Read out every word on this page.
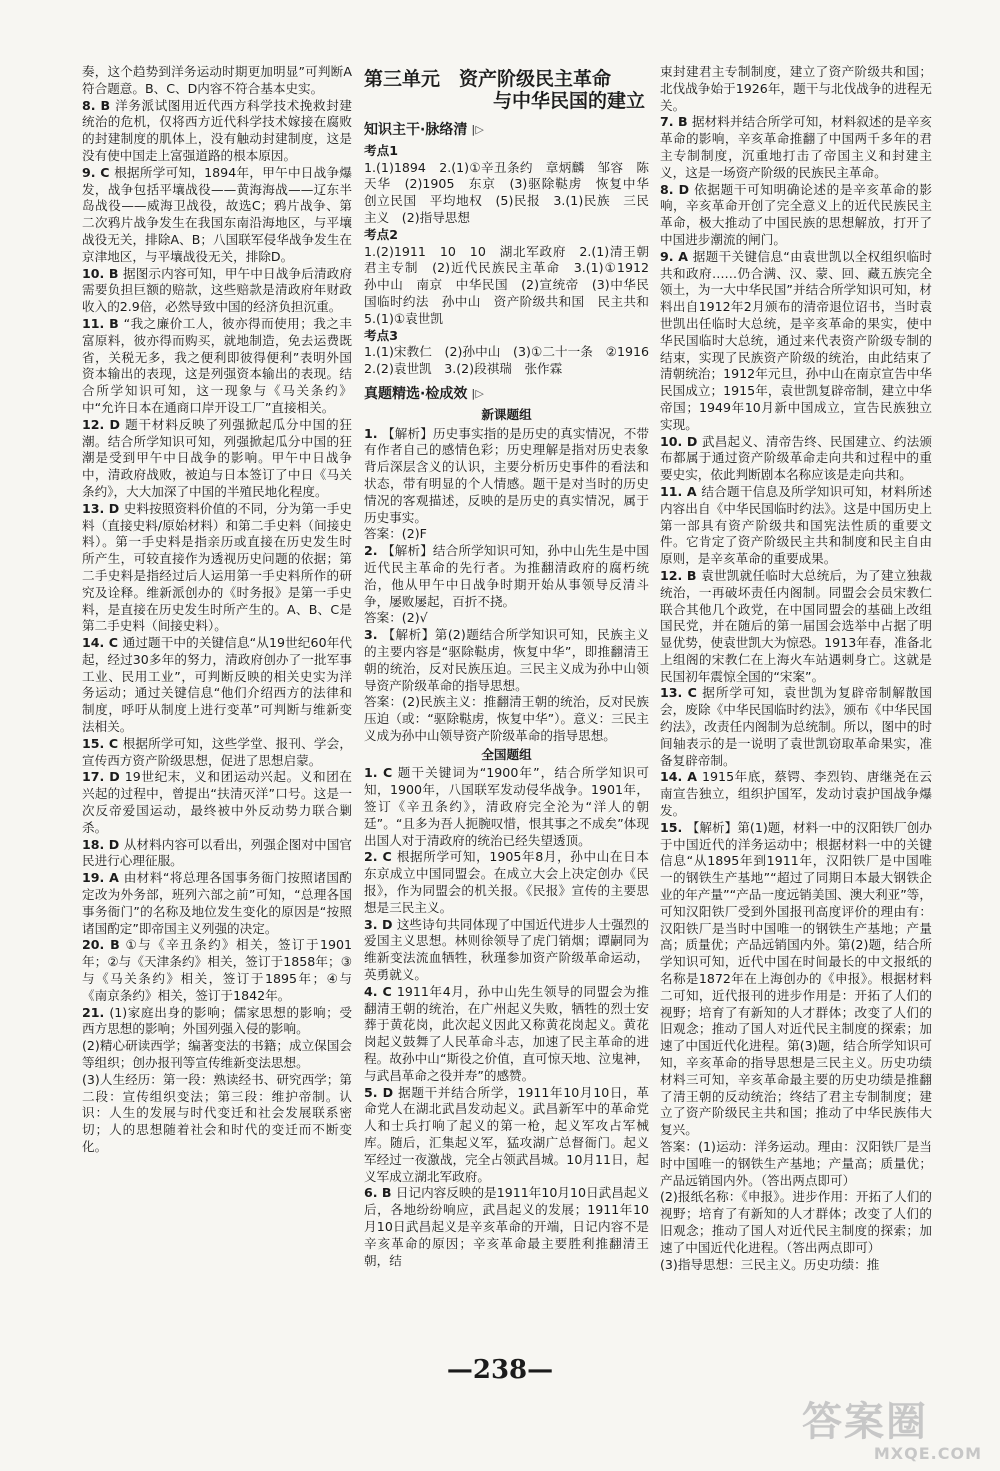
奏，这个趋势到洋务运动时期更加明显”可判断A符合题意。B、C、D内容不符合基本史实。

8. B 洋务派试图用近代西方科学技术挽救封建统治的危机，仅将西方近代科学技术嫁接在腐败的封建制度的肌体上，没有触动封建制度，这是没有使中国走上富强道路的根本原因。

9. C 根据所学可知，1894年，甲午中日战争爆发，战争包括平壤战役——黄海海战——辽东半岛战役——威海卫战役，故选C；鸦片战争、第二次鸦片战争发生在我国东南沿海地区，与平壤战役无关，排除A、B；八国联军侵华战争发生在京津地区，与平壤战役无关，排除D。

10. B 据图示内容可知，甲午中日战争后清政府需要负担巨额的赔款，这些赔款是清政府年财政收入的2.9倍，必然导致中国的经济负担沉重。

11. B “我之廉价工人，彼亦得而使用；我之丰富原料，彼亦得而购买，就地制造，免去运费既省，关税无多，我之便利即彼得便利”表明外国资本输出的表现，这是列强资本输出的表现。结合所学知识可知，这一现象与《马关条约》中“允许日本在通商口岸开设工厂”直接相关。

12. D 题干材料反映了列强掀起瓜分中国的狂潮。结合所学知识可知，列强掀起瓜分中国的狂潮是受到甲午中日战争的影响。甲午中日战争中，清政府战败，被迫与日本签订了中日《马关条约》，大大加深了中国的半殖民地化程度。

13. D 史料按照资料价值的不同，分为第一手史料（直接史料/原始材料）和第二手史料（间接史料）。第一手史料是指亲历或直接在历史发生时所产生，可较直接作为透视历史问题的依据；第二手史料是指经过后人运用第一手史料所作的研究及诠释。维新派创办的《时务报》是第一手史料，是直接在历史发生时所产生的。A、B、C是第二手史料（间接史料）。

14. C 通过题干中的关键信息“从19世纪60年代起，经过30多年的努力，清政府创办了一批军事工业、民用工业”，可判断反映的相关史实为洋务运动；通过关键信息“他们介绍西方的法律和制度，呼吁从制度上进行变革”可判断与维新变法相关。

15. C 根据所学可知，这些学堂、报刊、学会，宣传西方资产阶级思想，促进了思想启蒙。

17. D 19世纪末，义和团运动兴起。义和团在兴起的过程中，曾提出“扶清灭洋”口号。这是一次反帝爱国运动，最终被中外反动势力联合剿杀。

18. D 从材料内容可以看出，列强企图对中国官民进行心理征服。

19. A 由材料“将总理各国事务衙门按照诸国酌定改为外务部，班列六部之前”可知，“总理各国事务衙门”的名称及地位发生变化的原因是“按照诸国酌定”即帝国主义列强的决定。

20. B ①与《辛丑条约》相关，签订于1901年；②与《天津条约》相关，签订于1858年；③与《马关条约》相关，签订于1895年；④与《南京条约》相关，签订于1842年。

21. (1)家庭出身的影响；儒家思想的影响；受西方思想的影响；外国列强入侵的影响。

(2)精心研读西学；编著变法的书籍；成立保国会等组织；创办报刊等宣传维新变法思想。

(3)人生经历：第一段：熟读经书、研究西学；第二段：宣传组织变法；第三段：维护帝制。认识：人生的发展与时代变迁和社会发展联系密切；人的思想随着社会和时代的变迁而不断变化。

第三单元　资产阶级民主革命
与中华民国的建立
知识主干·脉络清 |▷

考点1

1.(1)1894　2.(1)①辛丑条约　章炳麟　邹容　陈天华　(2)1905　东京　(3)驱除鞑虏　恢复中华　创立民国　平均地权　(5)民报　3.(1)民族　三民主义　(2)指导思想

考点2

1.(2)1911　10　10　湖北军政府　2.(1)清王朝　君主专制　(2)近代民族民主革命　3.(1)①1912　孙中山　南京　中华民国　(2)宣统帝　(3)中华民国临时约法　孙中山　资产阶级共和国　民主共和　5.(1)①袁世凯

考点3

1.(1)宋教仁　(2)孙中山　(3)①二十一条　②1916　2.(2)袁世凯　3.(2)段祺瑞　张作霖

真题精选·检成效 |▷
新课题组

1. 【解析】历史事实指的是历史的真实情况，不带有作者自己的感情色彩；历史理解是指对历史表象背后深层含义的认识，主要分析历史事件的看法和状态，带有明显的个人情感。题干是对当时的历史情况的客观描述，反映的是历史的真实情况，属于历史事实。

答案：(2)F

2. 【解析】结合所学知识可知，孙中山先生是中国近代民主革命的先行者。为推翻清政府的腐朽统治，他从甲午中日战争时期开始从事领导反清斗争，屡败屡起，百折不挠。

答案：(2)√

3. 【解析】第(2)题结合所学知识可知，民族主义的主要内容是“驱除鞑虏，恢复中华”，即推翻清王朝的统治，反对民族压迫。三民主义成为孙中山领导资产阶级革命的指导思想。

答案：(2)民族主义：推翻清王朝的统治，反对民族压迫（或：“驱除鞑虏，恢复中华”）。意义：三民主义成为孙中山领导资产阶级革命的指导思想。

全国题组

1. C 题干关键词为“1900年”，结合所学知识可知，1900年，八国联军发动侵华战争。1901年，签订《辛丑条约》，清政府完全沦为“洋人的朝廷”。“且多为吾人扼腕叹惜，恨其事之不成矣”体现出国人对于清政府的统治已经失望透顶。

2. C 根据所学可知，1905年8月，孙中山在日本东京成立中国同盟会。在成立大会上决定创办《民报》，作为同盟会的机关报。《民报》宣传的主要思想是三民主义。

3. D 这些诗句共同体现了中国近代进步人士强烈的爱国主义思想。林则徐领导了虎门销烟；谭嗣同为维新变法流血牺牲，秋瑾参加资产阶级革命运动，英勇就义。

4. C 1911年4月，孙中山先生领导的同盟会为推翻清王朝的统治，在广州起义失败，牺牲的烈士安葬于黄花岗，此次起义因此又称黄花岗起义。黄花岗起义鼓舞了人民革命斗志，加速了民主革命的进程。故孙中山“斯役之价值，直可惊天地、泣鬼神，与武昌革命之役并寿”的感赞。

5. D 据题干并结合所学，1911年10月10日，革命党人在湖北武昌发动起义。武昌新军中的革命党人和士兵打响了起义的第一枪，起义军攻占军械库。随后，汇集起义军，猛攻湖广总督衙门。起义军经过一夜激战，完全占领武昌城。10月11日，起义军成立湖北军政府。

6. B 日记内容反映的是1911年10月10日武昌起义后，各地纷纷响应，武昌起义的发展；1911年10月10日武昌起义是辛亥革命的开端，日记内容不是辛亥革命的原因；辛亥革命最主要胜利推翻清王朝，结

束封建君主专制制度，建立了资产阶级共和国；北伐战争始于1926年，题干与北伐战争的进程无关。

7. B 据材料并结合所学可知，材料叙述的是辛亥革命的影响，辛亥革命推翻了中国两千多年的君主专制制度，沉重地打击了帝国主义和封建主义，这是一场资产阶级的民族民主革命。

8. D 依据题干可知明确论述的是辛亥革命的影响，辛亥革命开创了完全意义上的近代民族民主革命，极大推动了中国民族的思想解放，打开了中国进步潮流的闸门。

9. A 据题干关键信息“由袁世凯以全权组织临时共和政府……仍合满、汉、蒙、回、藏五族完全领土，为一大中华民国”并结合所学知识可知，材料出自1912年2月颁布的清帝退位诏书，当时袁世凯出任临时大总统，是辛亥革命的果实，使中华民国临时大总统，通过来代表资产阶级专制的结束，实现了民族资产阶级的统治，由此结束了清朝统治；1912年元旦，孙中山在南京宣告中华民国成立；1915年，袁世凯复辟帝制，建立中华帝国；1949年10月新中国成立，宣告民族独立实现。

10. D 武昌起义、清帝告终、民国建立、约法颁布都属于通过资产阶级革命走向共和过程中的重要史实，依此判断剧本名称应该是走向共和。

11. A 结合题干信息及所学知识可知，材料所述内容出自《中华民国临时约法》。这是中国历史上第一部具有资产阶级共和国宪法性质的重要文件。它肯定了资产阶级民主共和制度和民主自由原则，是辛亥革命的重要成果。

12. B 袁世凯就任临时大总统后，为了建立独裁统治，一再破坏责任内阁制。同盟会会员宋教仁联合其他几个政党，在中国同盟会的基础上改组国民党，并在随后的第一届国会选举中占据了明显优势，使袁世凯大为惊恐。1913年春，准备北上组阁的宋教仁在上海火车站遇刺身亡。这就是民国初年震惊全国的“宋案”。

13. C 据所学可知，袁世凯为复辟帝制解散国会，废除《中华民国临时约法》，颁布《中华民国约法》，改责任内阁制为总统制。所以，图中的时间轴表示的是一说明了袁世凯窃取革命果实，准备复辟帝制。

14. A 1915年底，蔡锷、李烈钧、唐继尧在云南宣告独立，组织护国军，发动讨袁护国战争爆发。

15. 【解析】第(1)题，材料一中的汉阳铁厂创办于中国近代的洋务运动中；根据材料一中的关键信息“从1895年到1911年，汉阳铁厂是中国唯一的钢铁生产基地”“超过了同期日本最大钢铁企业的年产量”“产品一度远销美国、澳大利亚”等，可知汉阳铁厂受到外国报刊高度评价的理由有：汉阳铁厂是当时中国唯一的钢铁生产基地；产量高；质量优；产品远销国内外。第(2)题，结合所学知识可知，近代中国在时间最长的中文报纸的名称是1872年在上海创办的《申报》。根据材料二可知，近代报刊的进步作用是：开拓了人们的视野；培育了有新知的人才群体；改变了人们的旧观念；推动了国人对近代民主制度的探索；加速了中国近代化进程。第(3)题，结合所学知识可知，辛亥革命的指导思想是三民主义。历史功绩材料三可知，辛亥革命最主要的历史功绩是推翻了清王朝的反动统治；终结了君主专制制度；建立了资产阶级民主共和国；推动了中华民族伟大复兴。

答案：(1)运动：洋务运动。理由：汉阳铁厂是当时中国唯一的钢铁生产基地；产量高；质量优；产品远销国内外。（答出两点即可）

(2)报纸名称：《申报》。进步作用：开拓了人们的视野；培育了有新知的人才群体；改变了人们的旧观念；推动了国人对近代民主制度的探索；加速了中国近代化进程。（答出两点即可）

(3)指导思想：三民主义。历史功绩：推

—238—
答案圈
MXQE.COM
